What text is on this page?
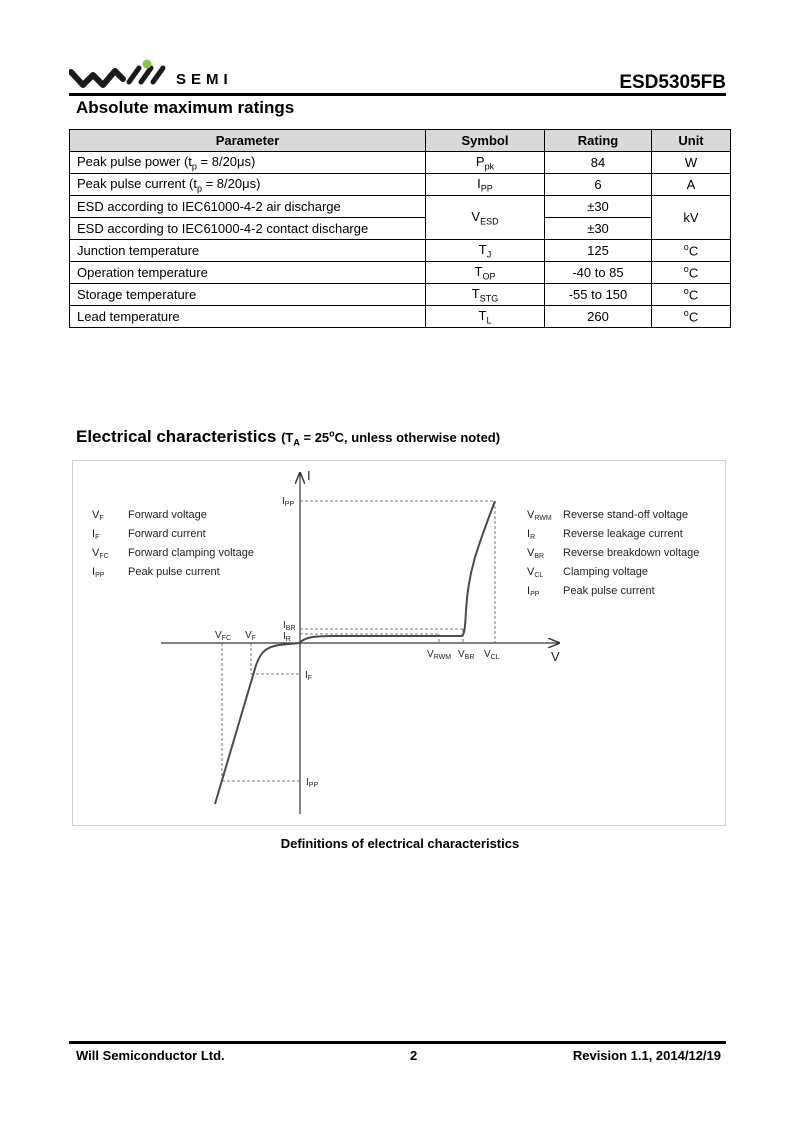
SEMI	ESD5305FB
Absolute maximum ratings
Parameter	Symbol	Rating	Unit
Peak pulse power $(t_p = 8/20\mu s)$	$P_{pk}$	84	W
Peak pulse current $(t_p = 8/20\mu s)$	$I_{PP}$	6	A
ESD according to IEC61000-4-2 air discharge	$V_{ESD}$	±30	kV
ESD according to IEC61000-4-2 contact discharge		±30	
Junction temperature	$T_J$	125	$^o$C
Operation temperature	$T_{OP}$	-40 to 85	$^o$C
Storage temperature	$T_{STG}$	-55 to 150	$^o$C
Lead temperature	$T_L$	260	$^o$C
Electrical characteristics ($T_A = 25^oC$, unless otherwise noted)
I
V
$I_{PP}$
$I_{BR}$
$I_R$
$V_{FC}$ $V_F$
$I_F$
$I_{PP}$
$V_{RWM}$ $V_{BR}$ $V_{CL}$
VF Forward voltage
IF	Forward current
VFC Forward clamping voltage
IPP Peak pulse current
VRWM Reverse stand-off voltage
IR	Reverse leakage current
VBR Reverse breakdown voltage
VCL Clamping voltage
IPP Peak pulse current
Definitions of electrical characteristics
Will Semiconductor Ltd.	2	Revision 1.1, 2014/12/19
